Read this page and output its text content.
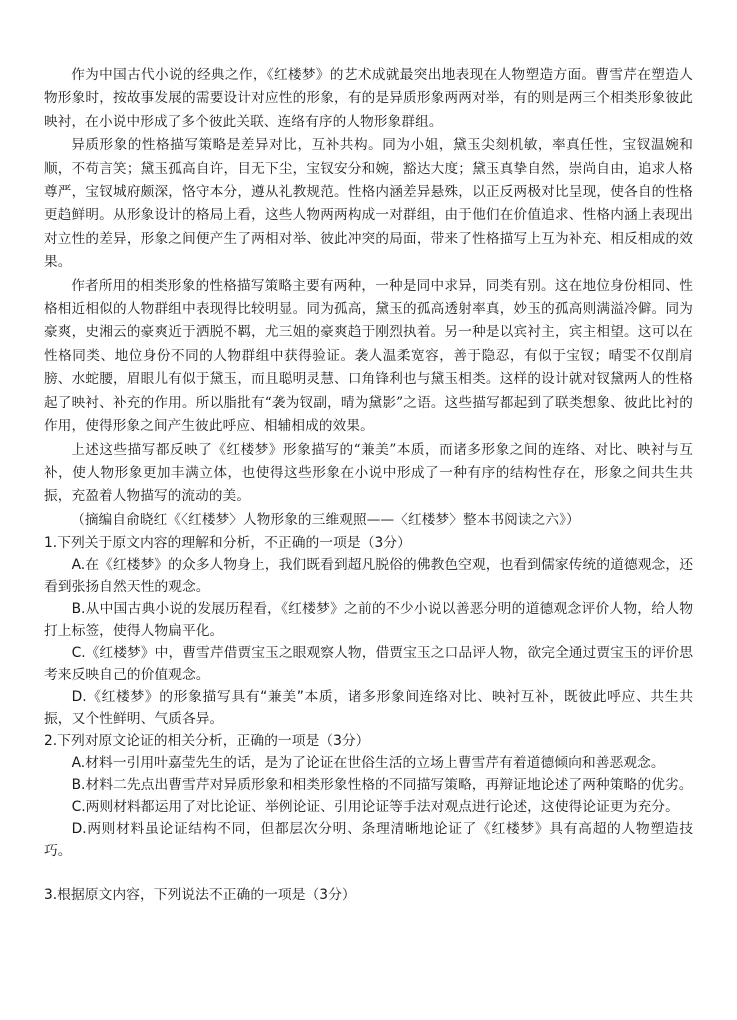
作为中国古代小说的经典之作，《红楼梦》的艺术成就最突出地表现在人物塑造方面。曹雪芹在塑造人物形象时，按故事发展的需要设计对应性的形象，有的是异质形象两两对举，有的则是两三个相类形象彼此映衬，在小说中形成了多个彼此关联、连络有序的人物形象群组。

异质形象的性格描写策略是差异对比，互补共构。同为小姐，黛玉尖刻机敏，率真任性，宝钗温婉和顺，不苟言笑；黛玉孤高自许，目无下尘，宝钗安分和婉，豁达大度；黛玉真挚自然，崇尚自由，追求人格尊严，宝钗城府颇深，恪守本分，遵从礼教规范。性格内涵差异悬殊，以正反两极对比呈现，使各自的性格更趋鲜明。从形象设计的格局上看，这些人物两两构成一对群组，由于他们在价值追求、性格内涵上表现出对立性的差异，形象之间便产生了两相对举、彼此冲突的局面，带来了性格描写上互为补充、相反相成的效果。

作者所用的相类形象的性格描写策略主要有两种，一种是同中求异，同类有别。这在地位身份相同、性格相近相似的人物群组中表现得比较明显。同为孤高，黛玉的孤高透射率真，妙玉的孤高则满溢冷僻。同为豪爽，史湘云的豪爽近于洒脱不羁，尤三姐的豪爽趋于刚烈执着。另一种是以宾衬主，宾主相望。这可以在性格同类、地位身份不同的人物群组中获得验证。袭人温柔宽容，善于隐忍，有似于宝钗；晴雯不仅削肩膀、水蛇腰，眉眼儿有似于黛玉，而且聪明灵慧、口角锋利也与黛玉相类。这样的设计就对钗黛两人的性格起了映衬、补充的作用。所以脂批有“袭为钗副，晴为黛影”之语。这些描写都起到了联类想象、彼此比衬的作用，使得形象之间产生彼此呼应、相辅相成的效果。

上述这些描写都反映了《红楼梦》形象描写的“兼美”本质，而诸多形象之间的连络、对比、映衬与互补，使人物形象更加丰满立体，也使得这些形象在小说中形成了一种有序的结构性存在，形象之间共生共振，充盈着人物描写的流动的美。

（摘编自俞晓红《〈红楼梦〉人物形象的三维观照——〈红楼梦〉整本书阅读之六》）

1.下列关于原文内容的理解和分析，不正确的一项是（3分）

A.在《红楼梦》的众多人物身上，我们既看到超凡脱俗的佛教色空观，也看到儒家传统的道德观念，还看到张扬自然天性的观念。

B.从中国古典小说的发展历程看，《红楼梦》之前的不少小说以善恶分明的道德观念评价人物，给人物打上标签，使得人物扁平化。

C.《红楼梦》中，曹雪芹借贾宝玉之眼观察人物，借贾宝玉之口品评人物，欲完全通过贾宝玉的评价思考来反映自己的价值观念。

D.《红楼梦》的形象描写具有“兼美”本质，诸多形象间连络对比、映衬互补，既彼此呼应、共生共振，又个性鲜明、气质各异。

2.下列对原文论证的相关分析，正确的一项是（3分）

A.材料一引用叶嘉莹先生的话，是为了论证在世俗生活的立场上曹雪芹有着道德倾向和善恶观念。

B.材料二先点出曹雪芹对异质形象和相类形象性格的不同描写策略，再辩证地论述了两种策略的优劣。

C.两则材料都运用了对比论证、举例论证、引用论证等手法对观点进行论述，这使得论证更为充分。

D.两则材料虽论证结构不同，但都层次分明、条理清晰地论证了《红楼梦》具有高超的人物塑造技巧。

3.根据原文内容，下列说法不正确的一项是（3分）
